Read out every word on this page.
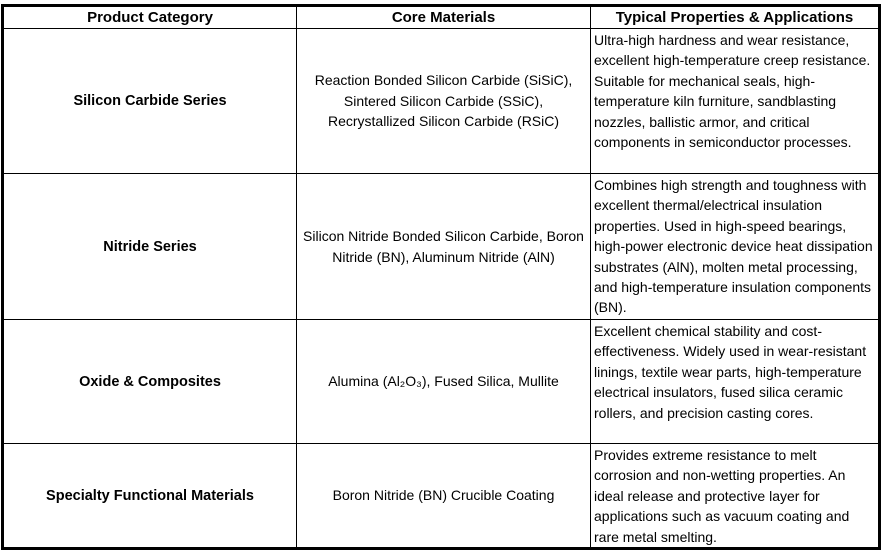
Product Category	Core Materials	Typical Properties & Applications
Silicon Carbide Series	Reaction Bonded Silicon Carbide (SiSiC), Sintered Silicon Carbide (SSiC), Recrystallized Silicon Carbide (RSiC)	Ultra-high hardness and wear resistance, excellent high-temperature creep resistance. Suitable for mechanical seals, high-temperature kiln furniture, sandblasting nozzles, ballistic armor, and critical components in semiconductor processes.
Nitride Series	Silicon Nitride Bonded Silicon Carbide, Boron Nitride (BN), Aluminum Nitride (AlN)	Combines high strength and toughness with excellent thermal/electrical insulation properties. Used in high-speed bearings, high-power electronic device heat dissipation substrates (AlN), molten metal processing, and high-temperature insulation components (BN).
Oxide & Composites	Alumina (Al₂O₃), Fused Silica, Mullite	Excellent chemical stability and cost-effectiveness. Widely used in wear-resistant linings, textile wear parts, high-temperature electrical insulators, fused silica ceramic rollers, and precision casting cores.
Specialty Functional Materials	Boron Nitride (BN) Crucible Coating	Provides extreme resistance to melt corrosion and non-wetting properties. An ideal release and protective layer for applications such as vacuum coating and rare metal smelting.
